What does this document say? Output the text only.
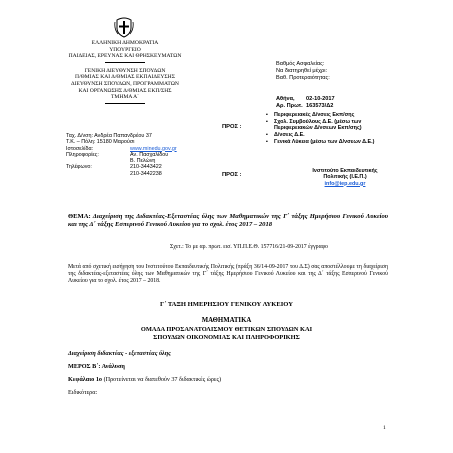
ΕΛΛΗΝΙΚΗ ΔΗΜΟΚΡΑΤΙΑ
ΥΠΟΥΡΓΕΙΟ
ΠΑΙΔΕΙΑΣ, ΕΡΕΥΝΑΣ ΚΑΙ ΘΡΗΣΚΕΥΜΑΤΩΝ
ΓΕΝΙΚΗ ΔΙΕΥΘΥΝΣΗ ΣΠΟΥΔΩΝ
Π/ΘΜΙΑΣ ΚΑΙ Δ/ΘΜΙΑΣ ΕΚΠΑΙΔΕΥΣΗΣ
ΔΙΕΥΘΥΝΣΗ ΣΠΟΥΔΩΝ, ΠΡΟΓΡΑΜΜΑΤΩΝ
ΚΑΙ ΟΡΓΑΝΩΣΗΣ Δ/ΘΜΙΑΣ ΕΚΠ/ΣΗΣ
ΤΜΗΜΑ Α΄
Ταχ. Δ/νση: Ανδρέα Παπανδρέου 37
Τ.Κ. – Πόλη: 15180 Μαρούσι
Ιστοσελίδα:	www.minedu.gov.gr
Πληροφορίες:	Αν. Πασχαλίδου
Β. Πελώνη
Τηλέφωνο:	210-3443422
210-3442238
Βαθμός Ασφαλείας:
Να διατηρηθεί μέχρι:
Βαθ. Προτεραιότητας:
Αθήνα,	02-10-2017
Αρ. Πρωτ. 163573/Δ2
ΠΡΟΣ :
▪ Περιφερειακές Δ/νσεις Εκπ/σης
▪ Σχολ. Συμβούλους Δ.Ε. (μέσω των Περιφερειακών Δ/νσεων Εκπ/σης)
▪ Δ/νσεις Δ.Ε.
▪ Γενικά Λύκεια (μέσω των Δ/νσεων Δ.Ε.)
ΠΡΟΣ :
Ινστιτούτο Εκπαιδευτικής
Πολιτικής (Ι.Ε.Π.)
info@iep.edu.gr
ΘΕΜΑ: Διαχείριση της Διδακτέας-Εξεταστέας ύλης των Μαθηματικών της Γ΄ τάξης Ημερήσιου Γενικού Λυκείου και της Δ΄ τάξης Εσπερινού Γενικού Λυκείου για το σχολ. έτος 2017 – 2018
Σχετ.: Το με αρ. πρωτ. εισ. ΥΠ.Π.Ε.Θ. 157716/21-09-2017 έγγραφο
Μετά από σχετική εισήγηση του Ινστιτούτου Εκπαιδευτικής Πολιτικής (πράξη 36/14-09-2017 του Δ.Σ) σας αποστέλλουμε τη διαχείριση της διδακτέας-εξεταστέας ύλης των Μαθηματικών της Γ΄ τάξης Ημερήσιου Γενικού Λυκείου και της Δ΄ τάξης Εσπερινού Γενικού Λυκείου για το σχολ. έτος 2017 – 2018.
Γ΄ ΤΑΞΗ ΗΜΕΡΗΣΙΟΥ ΓΕΝΙΚΟΥ ΛΥΚΕΙΟΥ
ΜΑΘΗΜΑΤΙΚΑ
ΟΜΑΔΑ ΠΡΟΣΑΝΑΤΟΛΙΣΜΟΥ ΘΕΤΙΚΩΝ ΣΠΟΥΔΩΝ ΚΑΙ
ΣΠΟΥΔΩΝ ΟΙΚΟΝΟΜΙΑΣ ΚΑΙ ΠΛΗΡΟΦΟΡΙΚΗΣ
Διαχείριση διδακτέας - εξεταστέας ύλης
ΜΕΡΟΣ Β΄: Ανάλυση
Κεφάλαιο 1ο (Προτείνεται να διατεθούν 37 διδακτικές ώρες)
Ειδικότερα:
1
